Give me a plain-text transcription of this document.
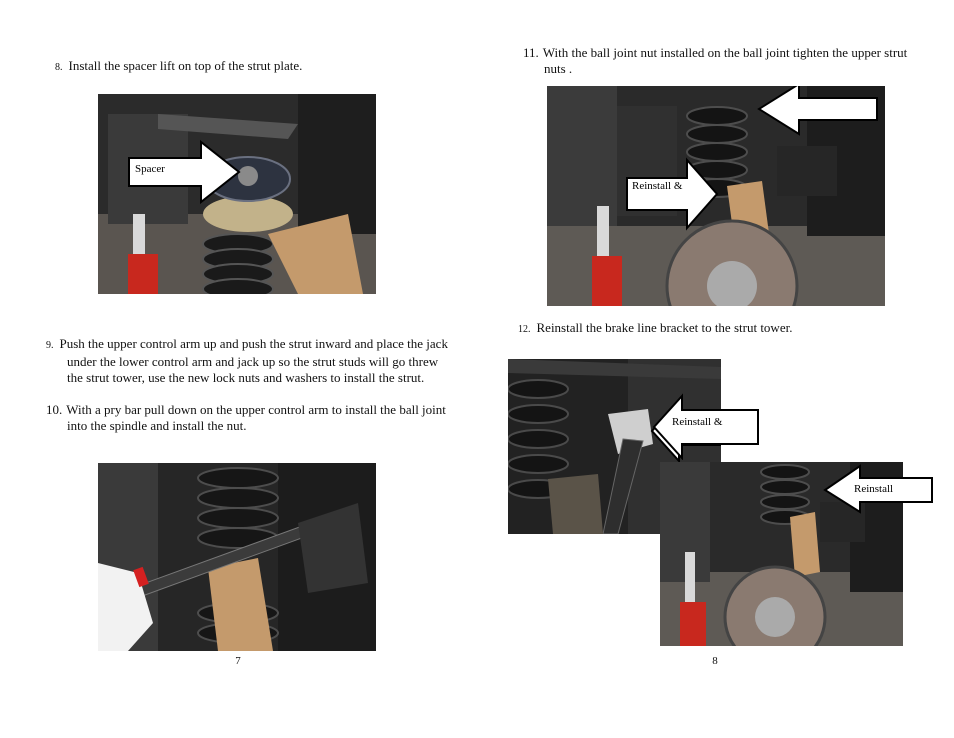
8. Install the spacer lift on top of the strut plate.
Spacer
9. Push the upper control arm up and push the strut inward and place the jack under the lower control arm and jack up so the strut studs will go threw the strut tower, use the new lock nuts and washers to install the strut.
10. With a pry bar pull down on the upper control arm to install the ball joint into the spindle and install the nut.
7
11. With the ball joint nut installed on the ball joint tighten the upper strut nuts .
Reinstall &
12. Reinstall the brake line bracket to the strut tower.
Reinstall &
Reinstall
8
